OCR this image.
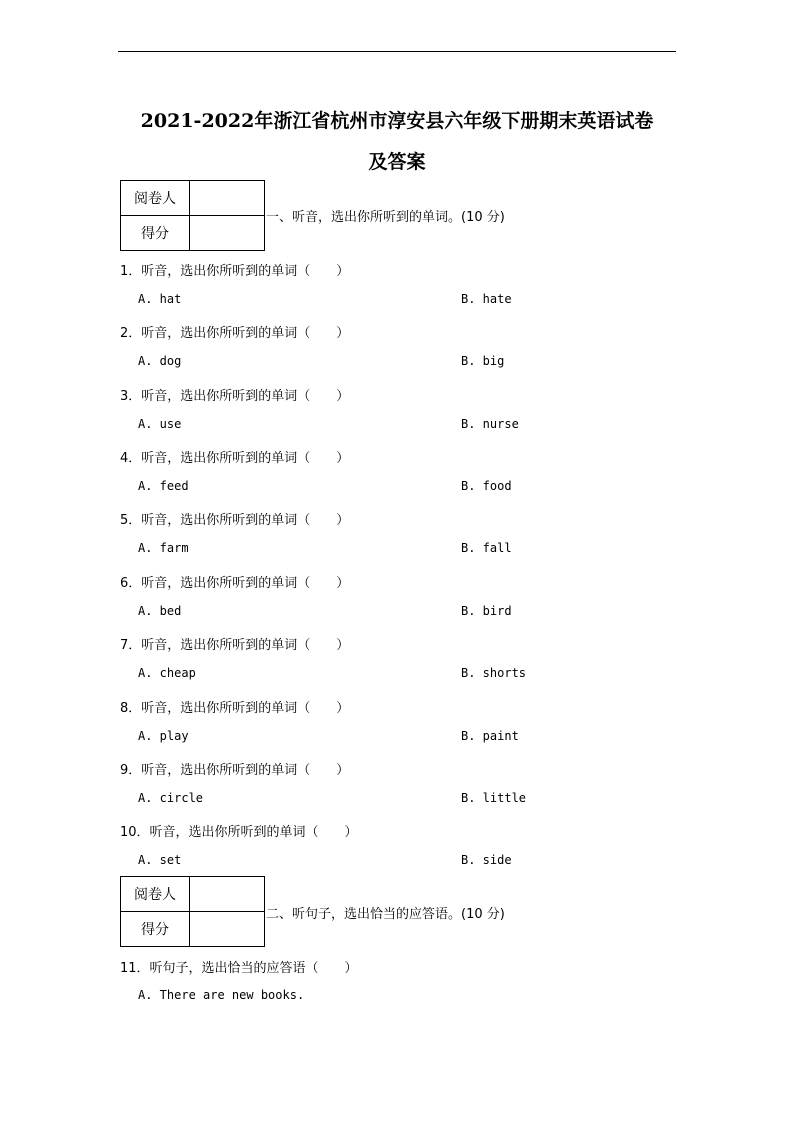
2021-2022年浙江省杭州市淳安县六年级下册期末英语试卷
及答案
阅卷人	
得分	
一、听音，选出你所听到的单词。(10 分)
1．听音，选出你所听到的单词（　　）
A. hat	B. hate
2．听音，选出你所听到的单词（　　）
A. dog	B. big
3．听音，选出你所听到的单词（　　）
A. use	B. nurse
4．听音，选出你所听到的单词（　　）
A. feed	B. food
5．听音，选出你所听到的单词（　　）
A. farm	B. fall
6．听音，选出你所听到的单词（　　）
A. bed	B. bird
7．听音，选出你所听到的单词（　　）
A. cheap	B. shorts
8．听音，选出你所听到的单词（　　）
A. play	B. paint
9．听音，选出你所听到的单词（　　）
A. circle	B. little
10．听音，选出你所听到的单词（　　）
A. set	B. side
阅卷人	
得分	
二、听句子，选出恰当的应答语。(10 分)
11．听句子，选出恰当的应答语（　　）
A. There are new books.
